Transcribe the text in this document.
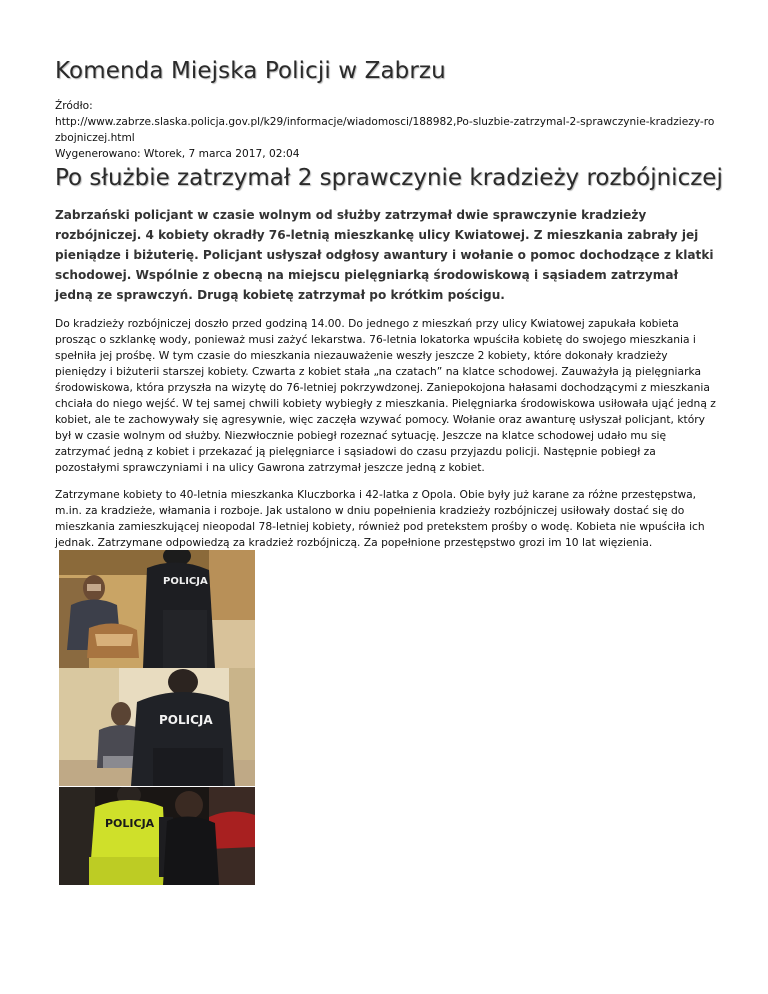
Komenda Miejska Policji w Zabrzu
Źródło:
http://www.zabrze.slaska.policja.gov.pl/k29/informacje/wiadomosci/188982,Po-sluzbie-zatrzymal-2-sprawczynie-kradziezy-rozbojniczej.html
Wygenerowano: Wtorek, 7 marca 2017, 02:04
Po służbie zatrzymał 2 sprawczynie kradzieży rozbójniczej

Zabrzański policjant w czasie wolnym od służby zatrzymał dwie sprawczynie kradzieży rozbójniczej. 4 kobiety okradły 76-letnią mieszkankę ulicy Kwiatowej. Z mieszkania zabrały jej pieniądze i biżuterię. Policjant usłyszał odgłosy awantury i wołanie o pomoc dochodzące z klatki schodowej. Wspólnie z obecną na miejscu pielęgniarką środowiskową i sąsiadem zatrzymał jedną ze sprawczyń. Drugą kobietę zatrzymał po krótkim pościgu.

Do kradzieży rozbójniczej doszło przed godziną 14.00. Do jednego z mieszkań przy ulicy Kwiatowej zapukała kobieta prosząc o szklankę wody, ponieważ musi zażyć lekarstwa. 76-letnia lokatorka wpuściła kobietę do swojego mieszkania i spełniła jej prośbę. W tym czasie do mieszkania niezauważenie weszły jeszcze 2 kobiety, które dokonały kradzieży pieniędzy i biżuterii starszej kobiety. Czwarta z kobiet stała „na czatach” na klatce schodowej. Zauważyła ją pielęgniarka środowiskowa, która przyszła na wizytę do 76-letniej pokrzywdzonej. Zaniepokojona hałasami dochodzącymi z mieszkania chciała do niego wejść. W tej samej chwili kobiety wybiegły z mieszkania. Pielęgniarka środowiskowa usiłowała ująć jedną z kobiet, ale te zachowywały się agresywnie, więc zaczęła wzywać pomocy. Wołanie oraz awanturę usłyszał policjant, który był w czasie wolnym od służby. Niezwłocznie pobiegł rozeznać sytuację. Jeszcze na klatce schodowej udało mu się zatrzymać jedną z kobiet i przekazać ją pielęgniarce i sąsiadowi do czasu przyjazdu policji. Następnie pobiegł za pozostałymi sprawczyniami i na ulicy Gawrona zatrzymał jeszcze jedną z kobiet.

Zatrzymane kobiety to 40-letnia mieszkanka Kluczborka i 42-latka z Opola. Obie były już karane za różne przestępstwa, m.in. za kradzieże, włamania i rozboje. Jak ustalono w dniu popełnienia kradzieży rozbójniczej usiłowały dostać się do mieszkania zamieszkującej nieopodal 78-letniej kobiety, również pod pretekstem prośby o wodę. Kobieta nie wpuściła ich jednak. Zatrzymane odpowiedzą za kradzież rozbójniczą. Za popełnione przestępstwo grozi im 10 lat więzienia.

POLICJA
POLICJA
POLICJA
